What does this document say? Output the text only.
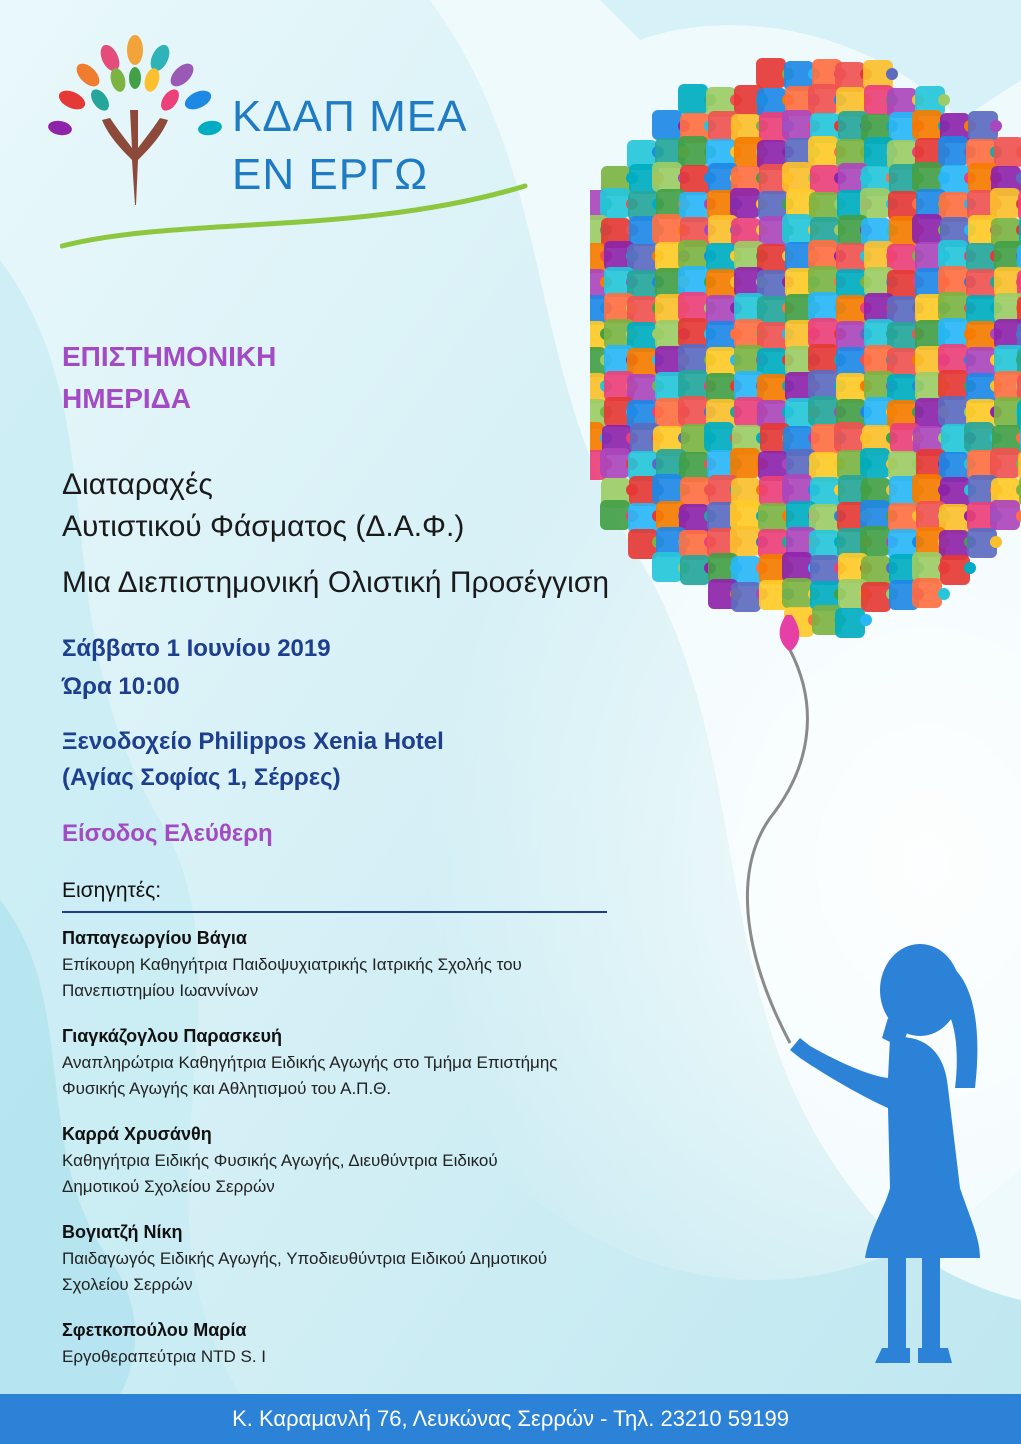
ΚΔΑΠ ΜΕΑ
ΕΝ ΕΡΓΩ
ΕΠΙΣΤΗΜΟΝΙΚΗ
ΗΜΕΡΙΔΑ
Διαταραχές
Αυτιστικού Φάσματος (Δ.Α.Φ.)
Μια Διεπιστημονική Ολιστική Προσέγγιση
Σάββατο 1 Ιουνίου 2019
Ώρα 10:00
Ξενοδοχείο Philippos Xenia Hotel
(Αγίας Σοφίας 1, Σέρρες)
Είσοδος Ελεύθερη
Εισηγητές:
Παπαγεωργίου Βάγια
Επίκουρη Καθηγήτρια Παιδοψυχιατρικής Ιατρικής Σχολής του
Πανεπιστημίου Ιωαννίνων
Γιαγκάζογλου Παρασκευή
Αναπληρώτρια Καθηγήτρια Ειδικής Αγωγής στο Τμήμα Επιστήμης
Φυσικής Αγωγής και Αθλητισμού του Α.Π.Θ.
Καρρά Χρυσάνθη
Καθηγήτρια Ειδικής Φυσικής Αγωγής, Διευθύντρια Ειδικού
Δημοτικού Σχολείου Σερρών
Βογιατζή Νίκη
Παιδαγωγός Ειδικής Αγωγής, Υποδιευθύντρια Ειδικού Δημοτικού
Σχολείου Σερρών
Σφετκοπούλου Μαρία
Εργοθεραπεύτρια NTD S. I
Κ. Καραμανλή 76, Λευκώνας Σερρών - Τηλ. 23210 59199
